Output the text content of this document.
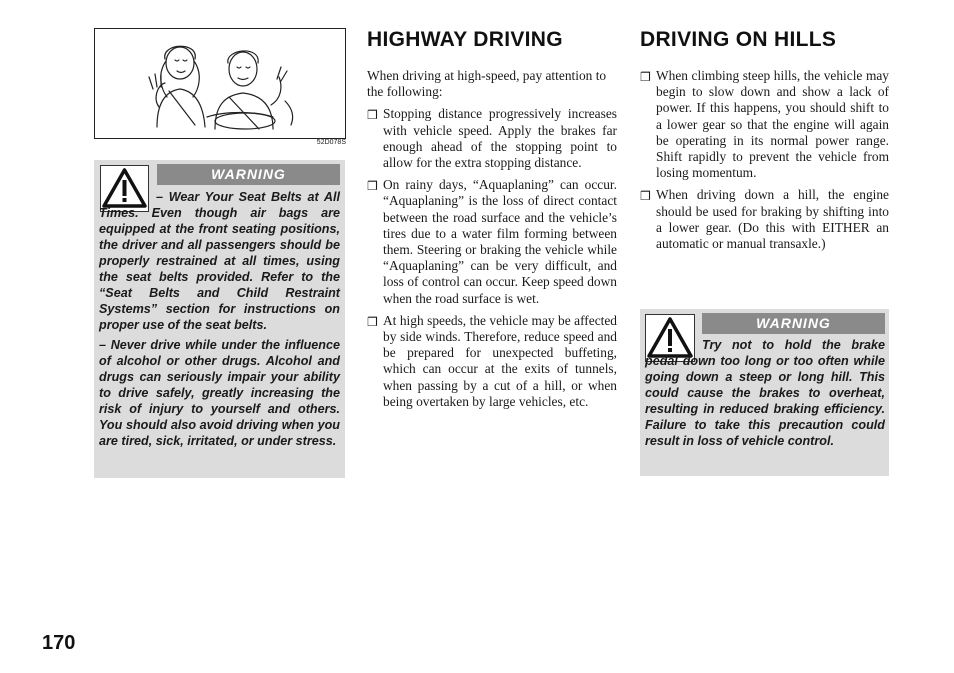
52D078S
WARNING

– Wear Your Seat Belts at All Times. Even though air bags are equipped at the front seating positions, the driver and all passengers should be properly restrained at all times, using the seat belts provided. Refer to the “Seat Belts and Child Restraint Systems” section for instructions on proper use of the seat belts.

– Never drive while under the influence of alcohol or other drugs. Alcohol and drugs can seriously impair your ability to drive safely, greatly increasing the risk of injury to yourself and others. You should also avoid driving when you are tired, sick, irritated, or under stress.

HIGHWAY DRIVING

When driving at high-speed, pay attention to the following:

❒ Stopping distance progressively increases with vehicle speed. Apply the brakes far enough ahead of the stopping point to allow for the extra stopping distance.
❒ On rainy days, “Aquaplaning” can occur. “Aquaplaning” is the loss of direct contact between the road surface and the vehicle’s tires due to a water film forming between them. Steering or braking the vehicle while “Aquaplaning” can be very difficult, and loss of control can occur. Keep speed down when the road surface is wet.
❒ At high speeds, the vehicle may be affected by side winds. Therefore, reduce speed and be prepared for unexpected buffeting, which can occur at the exits of tunnels, when passing by a cut of a hill, or when being overtaken by large vehicles, etc.
DRIVING ON HILLS
❒ When climbing steep hills, the vehicle may begin to slow down and show a lack of power. If this happens, you should shift to a lower gear so that the engine will again be operating in its normal power range. Shift rapidly to prevent the vehicle from losing momentum.
❒ When driving down a hill, the engine should be used for braking by shifting into a lower gear. (Do this with EITHER an automatic or manual transaxle.)
WARNING

Try not to hold the brake pedal down too long or too often while going down a steep or long hill. This could cause the brakes to overheat, resulting in reduced braking efficiency. Failure to take this precaution could result in loss of vehicle control.

170
